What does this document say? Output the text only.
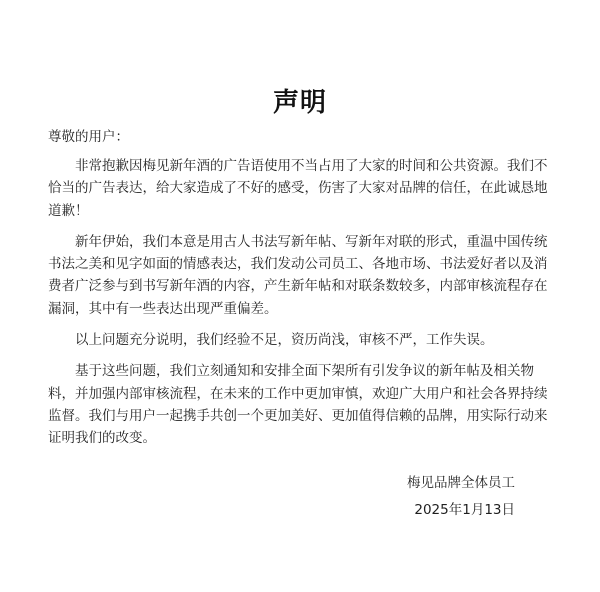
声明
尊敬的用户：

非常抱歉因梅见新年酒的广告语使用不当占用了大家的时间和公共资源。我们不恰当的广告表达，给大家造成了不好的感受，伤害了大家对品牌的信任，在此诚恳地道歉！

新年伊始，我们本意是用古人书法写新年帖、写新年对联的形式，重温中国传统书法之美和见字如面的情感表达，我们发动公司员工、各地市场、书法爱好者以及消费者广泛参与到书写新年酒的内容，产生新年帖和对联条数较多，内部审核流程存在漏洞，其中有一些表达出现严重偏差。

以上问题充分说明，我们经验不足，资历尚浅，审核不严，工作失误。

基于这些问题，我们立刻通知和安排全面下架所有引发争议的新年帖及相关物料，并加强内部审核流程，在未来的工作中更加审慎，欢迎广大用户和社会各界持续监督。我们与用户一起携手共创一个更加美好、更加值得信赖的品牌，用实际行动来证明我们的改变。

梅见品牌全体员工
2025年1月13日
